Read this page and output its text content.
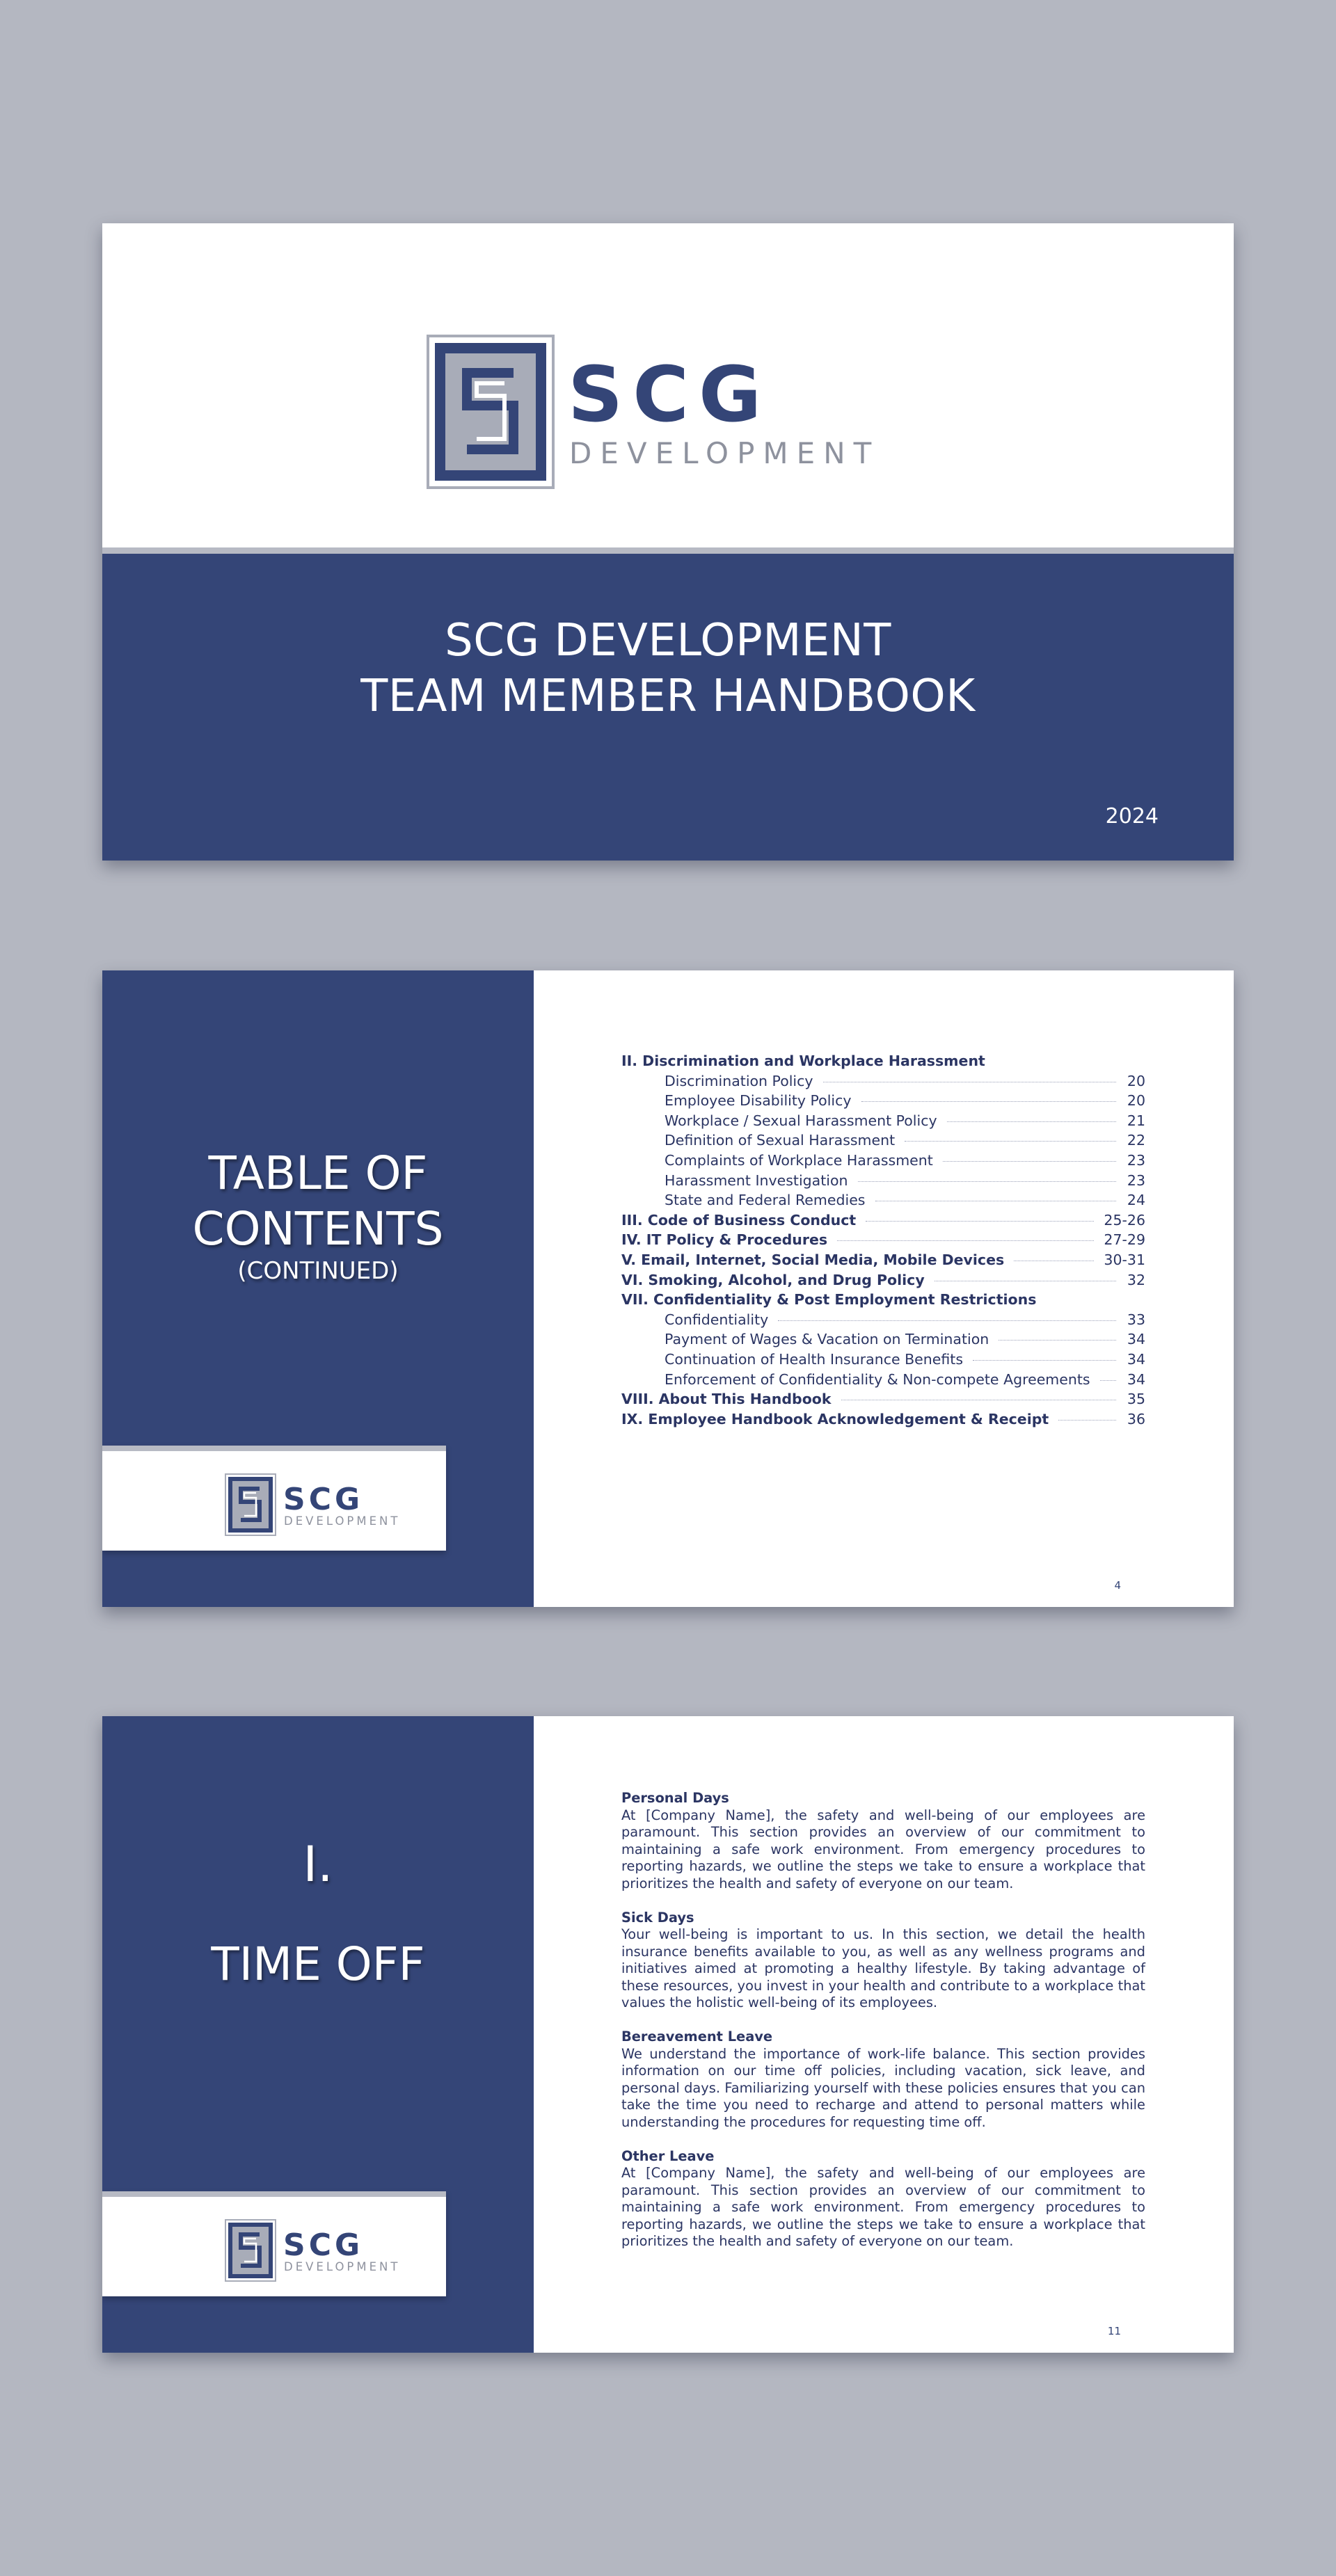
SCG
DEVELOPMENT
SCG DEVELOPMENT
TEAM MEMBER HANDBOOK
2024
TABLE OF
CONTENTS
(CONTINUED)
SCG
DEVELOPMENT
4
II. Discrimination and Workplace Harassment
Discrimination Policy	20
Employee Disability Policy	20
Workplace / Sexual Harassment Policy	21
Definition of Sexual Harassment	22
Complaints of Workplace Harassment	23
Harassment Investigation	23
State and Federal Remedies	24
III. Code of Business Conduct	25-26
IV. IT Policy & Procedures	27-29
V. Email, Internet, Social Media, Mobile Devices	30-31
VI. Smoking, Alcohol, and Drug Policy	32
VII. Confidentiality & Post Employment Restrictions
Confidentiality	33
Payment of Wages & Vacation on Termination	34
Continuation of Health Insurance Benefits	34
Enforcement of Confidentiality & Non-compete Agreements	34
VIII. About This Handbook	35
IX. Employee Handbook Acknowledgement & Receipt	36
I.
TIME OFF
SCG
DEVELOPMENT
11
Personal Days
At [Company Name], the safety and well-being of our employees are paramount. This section provides an overview of our commitment to maintaining a safe work environment. From emergency procedures to reporting hazards, we outline the steps we take to ensure a workplace that prioritizes the health and safety of everyone on our team.
Sick Days
Your well-being is important to us. In this section, we detail the health insurance benefits available to you, as well as any wellness programs and initiatives aimed at promoting a healthy lifestyle. By taking advantage of these resources, you invest in your health and contribute to a workplace that values the holistic well-being of its employees.
Bereavement Leave
We understand the importance of work-life balance. This section provides information on our time off policies, including vacation, sick leave, and personal days. Familiarizing yourself with these policies ensures that you can take the time you need to recharge and attend to personal matters while understanding the procedures for requesting time off.
Other Leave
At [Company Name], the safety and well-being of our employees are paramount. This section provides an overview of our commitment to maintaining a safe work environment. From emergency procedures to reporting hazards, we outline the steps we take to ensure a workplace that prioritizes the health and safety of everyone on our team.
